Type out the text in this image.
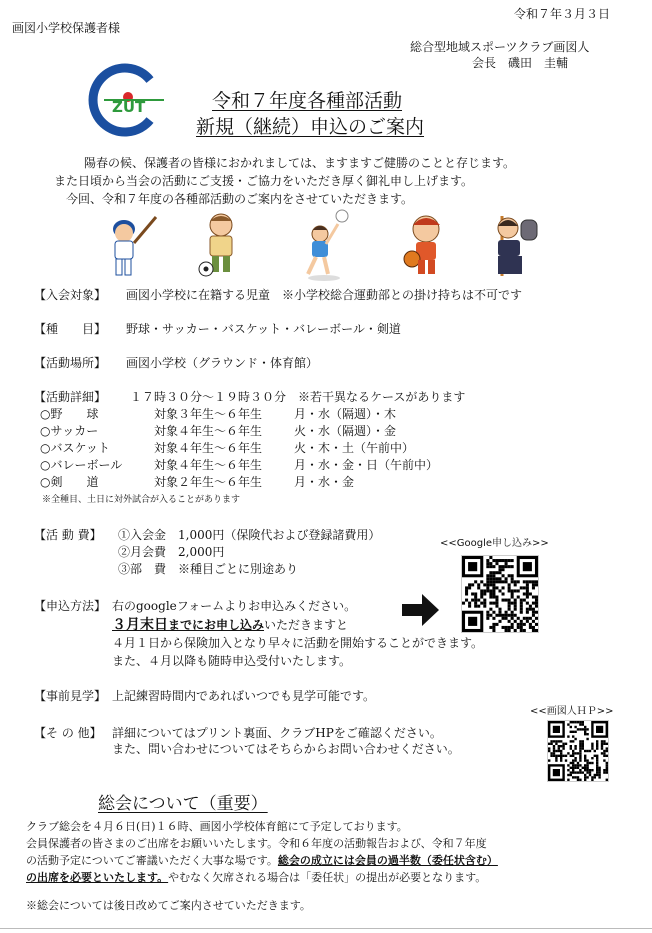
令和７年３月３日
画図小学校保護者様
総合型地域スポーツクラブ画図人
会長　磯田　圭輔
ZUT	令和７年度各種部活動
新規（継続）申込のご案内
陽春の候、保護者の皆様におかれましては、ますますご健勝のことと存じます。
また日頃から当会の活動にご支援・ご協力をいただき厚く御礼申し上げます。
今回、令和７年度の各種部活動のご案内をさせていただきます。
【入会対象】 画図小学校に在籍する児童　※小学校総合運動部との掛け持ちは不可です
【種　　目】 野球・サッカー・バスケット・バレーボール・剣道
【活動場所】 画図小学校（グラウンド・体育館）
【活動詳細】 １７時３０分～１９時３０分　※若干異なるケースがあります
○野　　球	対象３年生～６年生	月・水（隔週）・木
○サッカー	対象４年生～６年生	火・水（隔週）・金
○バスケット	対象４年生～６年生	火・木・土（午前中）
○バレーボール	対象４年生～６年生	月・水・金・日（午前中）
○剣　　道	対象２年生～６年生	月・水・金
※全種目、土日に対外試合が入ることがあります
【活 動 費】 ①入会金　1,000円（保険代および登録諸費用）
②月会費　2,000円
③部　費　※種目ごとに別途あり
<<Google申し込み>>
【申込方法】 右のgoogleフォームよりお申込みください。
３月末日までにお申し込みいただきますと
４月１日から保険加入となり早々に活動を開始することができます。
また、４月以降も随時申込受付いたします。
【事前見学】 上記練習時間内であればいつでも見学可能です。
<<画図人ＨＰ>>
【そ の 他】 詳細についてはプリント裏面、クラブHPをご確認ください。
また、問い合わせについてはそちらからお問い合わせください。
総会について（重要）
クラブ総会を４月６日(日)１６時、画図小学校体育館にて予定しております。
会員保護者の皆さまのご出席をお願いいたします。令和６年度の活動報告および、令和７年度
の活動予定についてご審議いただく大事な場です。総会の成立には会員の過半数（委任状含む）
の出席を必要といたします。やむなく欠席される場合は「委任状」の提出が必要となります。
※総会については後日改めてご案内させていただきます。
